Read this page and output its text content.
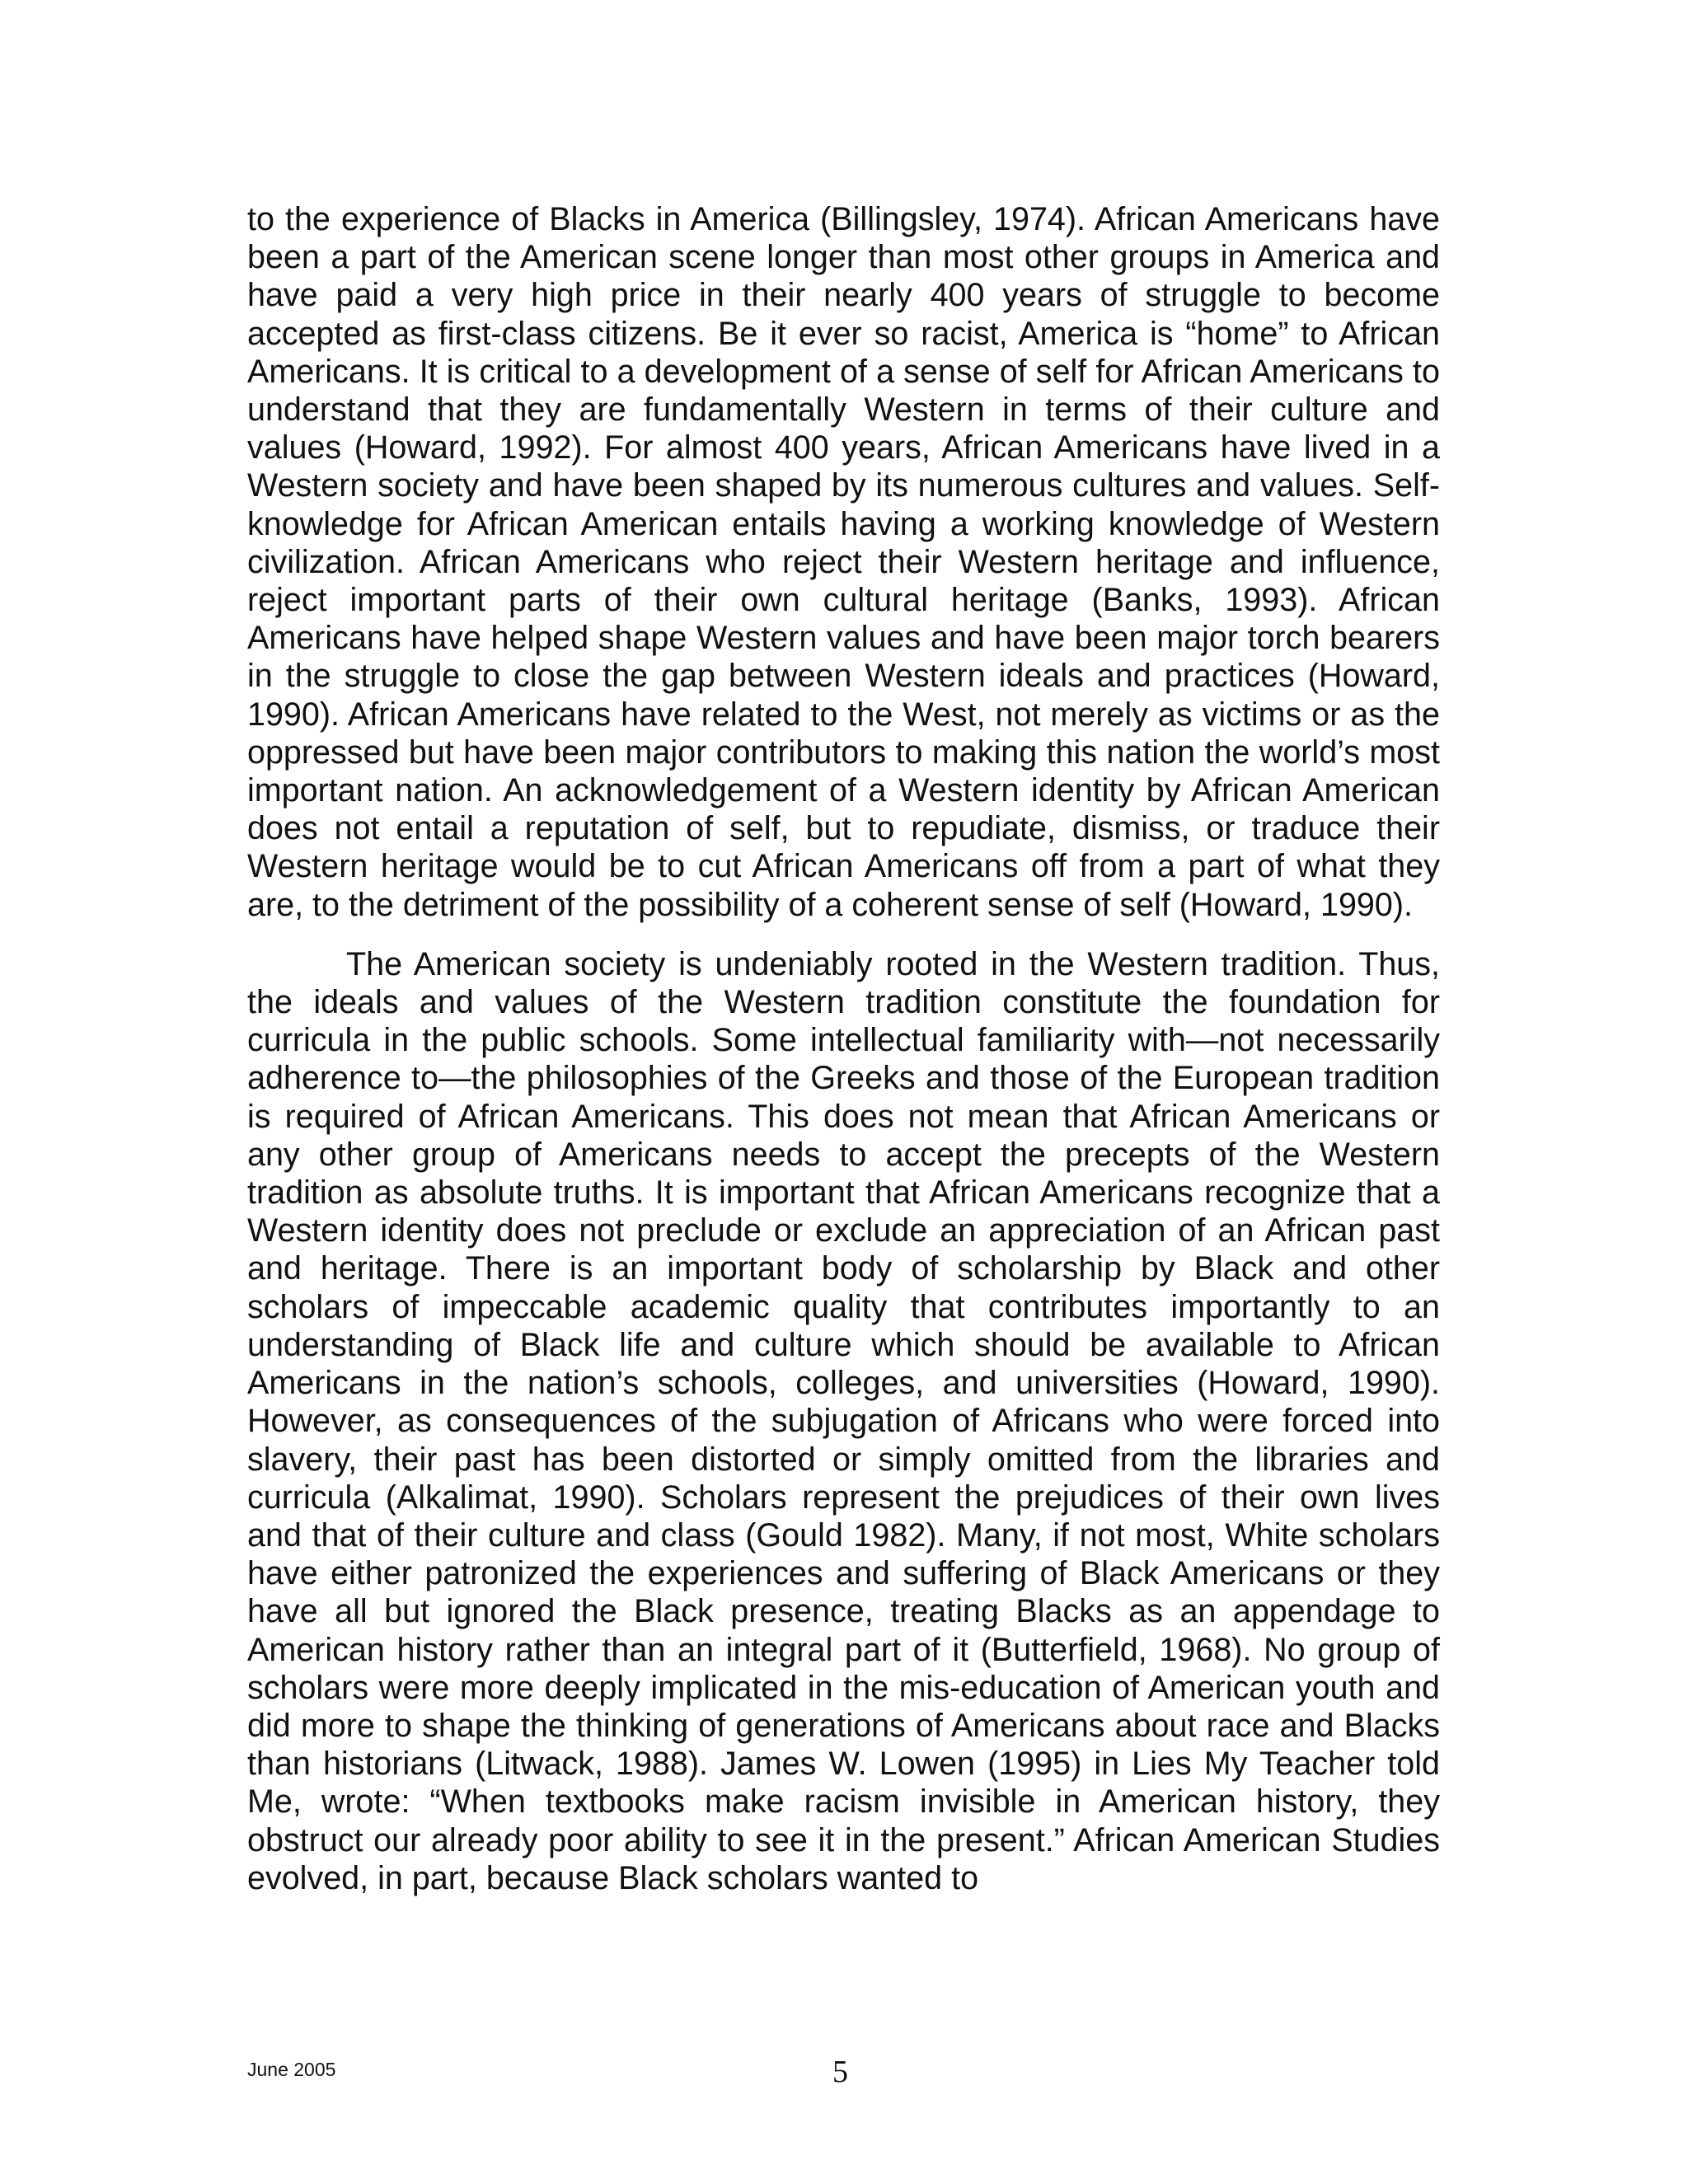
to the experience of Blacks in America (Billingsley, 1974). African Americans have been a part of the American scene longer than most other groups in America and have paid a very high price in their nearly 400 years of struggle to become accepted as first-class citizens. Be it ever so racist, America is “home” to African Americans. It is critical to a development of a sense of self for African Americans to understand that they are fundamentally Western in terms of their culture and values (Howard, 1992). For almost 400 years, African Americans have lived in a Western society and have been shaped by its numerous cultures and values. Self-knowledge for African American entails having a working knowledge of Western civilization. African Americans who reject their Western heritage and influence, reject important parts of their own cultural heritage (Banks, 1993). African Americans have helped shape Western values and have been major torch bearers in the struggle to close the gap between Western ideals and practices (Howard, 1990). African Americans have related to the West, not merely as victims or as the oppressed but have been major contributors to making this nation the world’s most important nation. An acknowledgement of a Western identity by African American does not entail a reputation of self, but to repudiate, dismiss, or traduce their Western heritage would be to cut African Americans off from a part of what they are, to the detriment of the possibility of a coherent sense of self (Howard, 1990).

The American society is undeniably rooted in the Western tradition. Thus, the ideals and values of the Western tradition constitute the foundation for curricula in the public schools. Some intellectual familiarity with—not necessarily adherence to—the philosophies of the Greeks and those of the European tradition is required of African Americans. This does not mean that African Americans or any other group of Americans needs to accept the precepts of the Western tradition as absolute truths. It is important that African Americans recognize that a Western identity does not preclude or exclude an appreciation of an African past and heritage. There is an important body of scholarship by Black and other scholars of impeccable academic quality that contributes importantly to an understanding of Black life and culture which should be available to African Americans in the nation’s schools, colleges, and universities (Howard, 1990). However, as consequences of the subjugation of Africans who were forced into slavery, their past has been distorted or simply omitted from the libraries and curricula (Alkalimat, 1990). Scholars represent the prejudices of their own lives and that of their culture and class (Gould 1982). Many, if not most, White scholars have either patronized the experiences and suffering of Black Americans or they have all but ignored the Black presence, treating Blacks as an appendage to American history rather than an integral part of it (Butterfield, 1968). No group of scholars were more deeply implicated in the mis-education of American youth and did more to shape the thinking of generations of Americans about race and Blacks than historians (Litwack, 1988). James W. Lowen (1995) in Lies My Teacher told Me, wrote: “When textbooks make racism invisible in American history, they obstruct our already poor ability to see it in the present.” African American Studies evolved, in part, because Black scholars wanted to

June 2005	5
